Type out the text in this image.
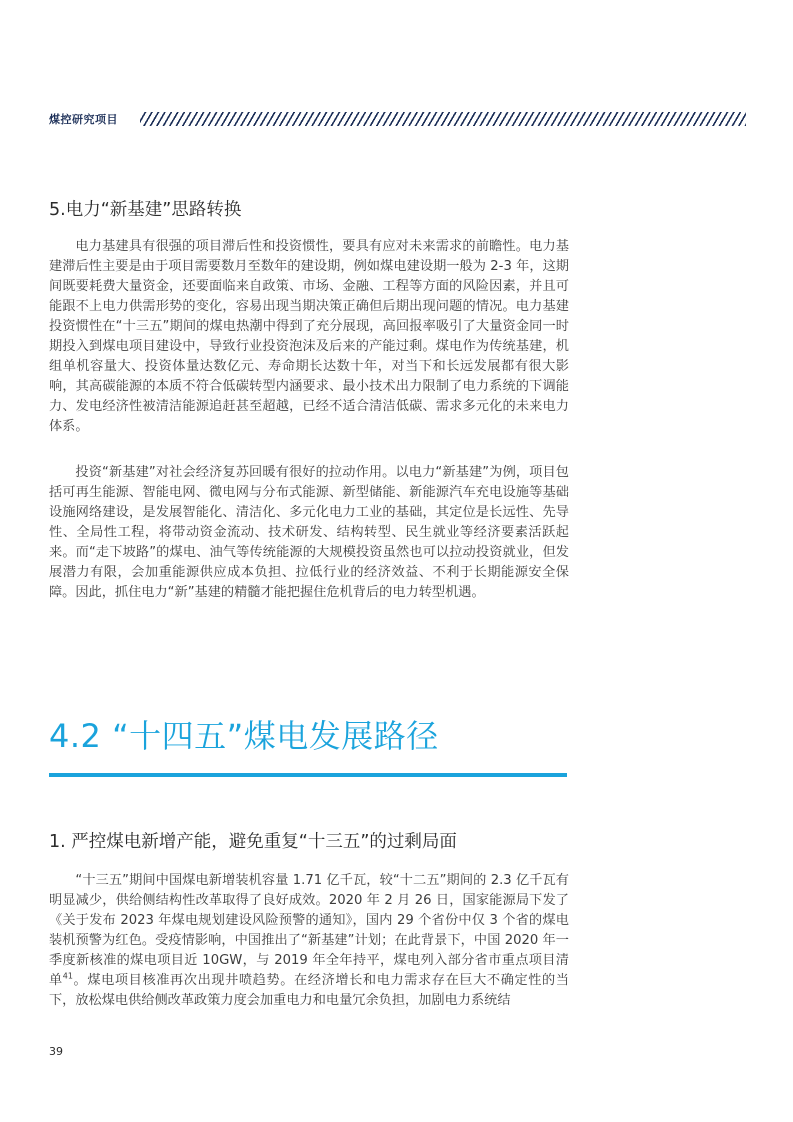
煤控研究项目
5.电力“新基建”思路转换

电力基建具有很强的项目滞后性和投资惯性，要具有应对未来需求的前瞻性。电力基建滞后性主要是由于项目需要数月至数年的建设期，例如煤电建设期一般为 2-3 年，这期间既要耗费大量资金，还要面临来自政策、市场、金融、工程等方面的风险因素，并且可能跟不上电力供需形势的变化，容易出现当期决策正确但后期出现问题的情况。电力基建投资惯性在“十三五”期间的煤电热潮中得到了充分展现，高回报率吸引了大量资金同一时期投入到煤电项目建设中，导致行业投资泡沫及后来的产能过剩。煤电作为传统基建，机组单机容量大、投资体量达数亿元、寿命期长达数十年，对当下和长远发展都有很大影响，其高碳能源的本质不符合低碳转型内涵要求、最小技术出力限制了电力系统的下调能力、发电经济性被清洁能源追赶甚至超越，已经不适合清洁低碳、需求多元化的未来电力体系。

投资“新基建”对社会经济复苏回暖有很好的拉动作用。以电力“新基建”为例，项目包括可再生能源、智能电网、微电网与分布式能源、新型储能、新能源汽车充电设施等基础设施网络建设，是发展智能化、清洁化、多元化电力工业的基础，其定位是长远性、先导性、全局性工程，将带动资金流动、技术研发、结构转型、民生就业等经济要素活跃起来。而“走下坡路”的煤电、油气等传统能源的大规模投资虽然也可以拉动投资就业，但发展潜力有限，会加重能源供应成本负担、拉低行业的经济效益、不利于长期能源安全保障。因此，抓住电力“新”基建的精髓才能把握住危机背后的电力转型机遇。

4.2 “十四五”煤电发展路径
1. 严控煤电新增产能，避免重复“十三五”的过剩局面

“十三五”期间中国煤电新增装机容量 1.71 亿千瓦，较“十二五”期间的 2.3 亿千瓦有明显减少，供给侧结构性改革取得了良好成效。2020 年 2 月 26 日，国家能源局下发了《关于发布 2023 年煤电规划建设风险预警的通知》，国内 29 个省份中仅 3 个省的煤电装机预警为红色。受疫情影响，中国推出了“新基建”计划；在此背景下，中国 2020 年一季度新核准的煤电项目近 10GW，与 2019 年全年持平，煤电列入部分省市重点项目清单$^{41}$。煤电项目核准再次出现井喷趋势。在经济增长和电力需求存在巨大不确定性的当下，放松煤电供给侧改革政策力度会加重电力和电量冗余负担，加剧电力系统结

39
